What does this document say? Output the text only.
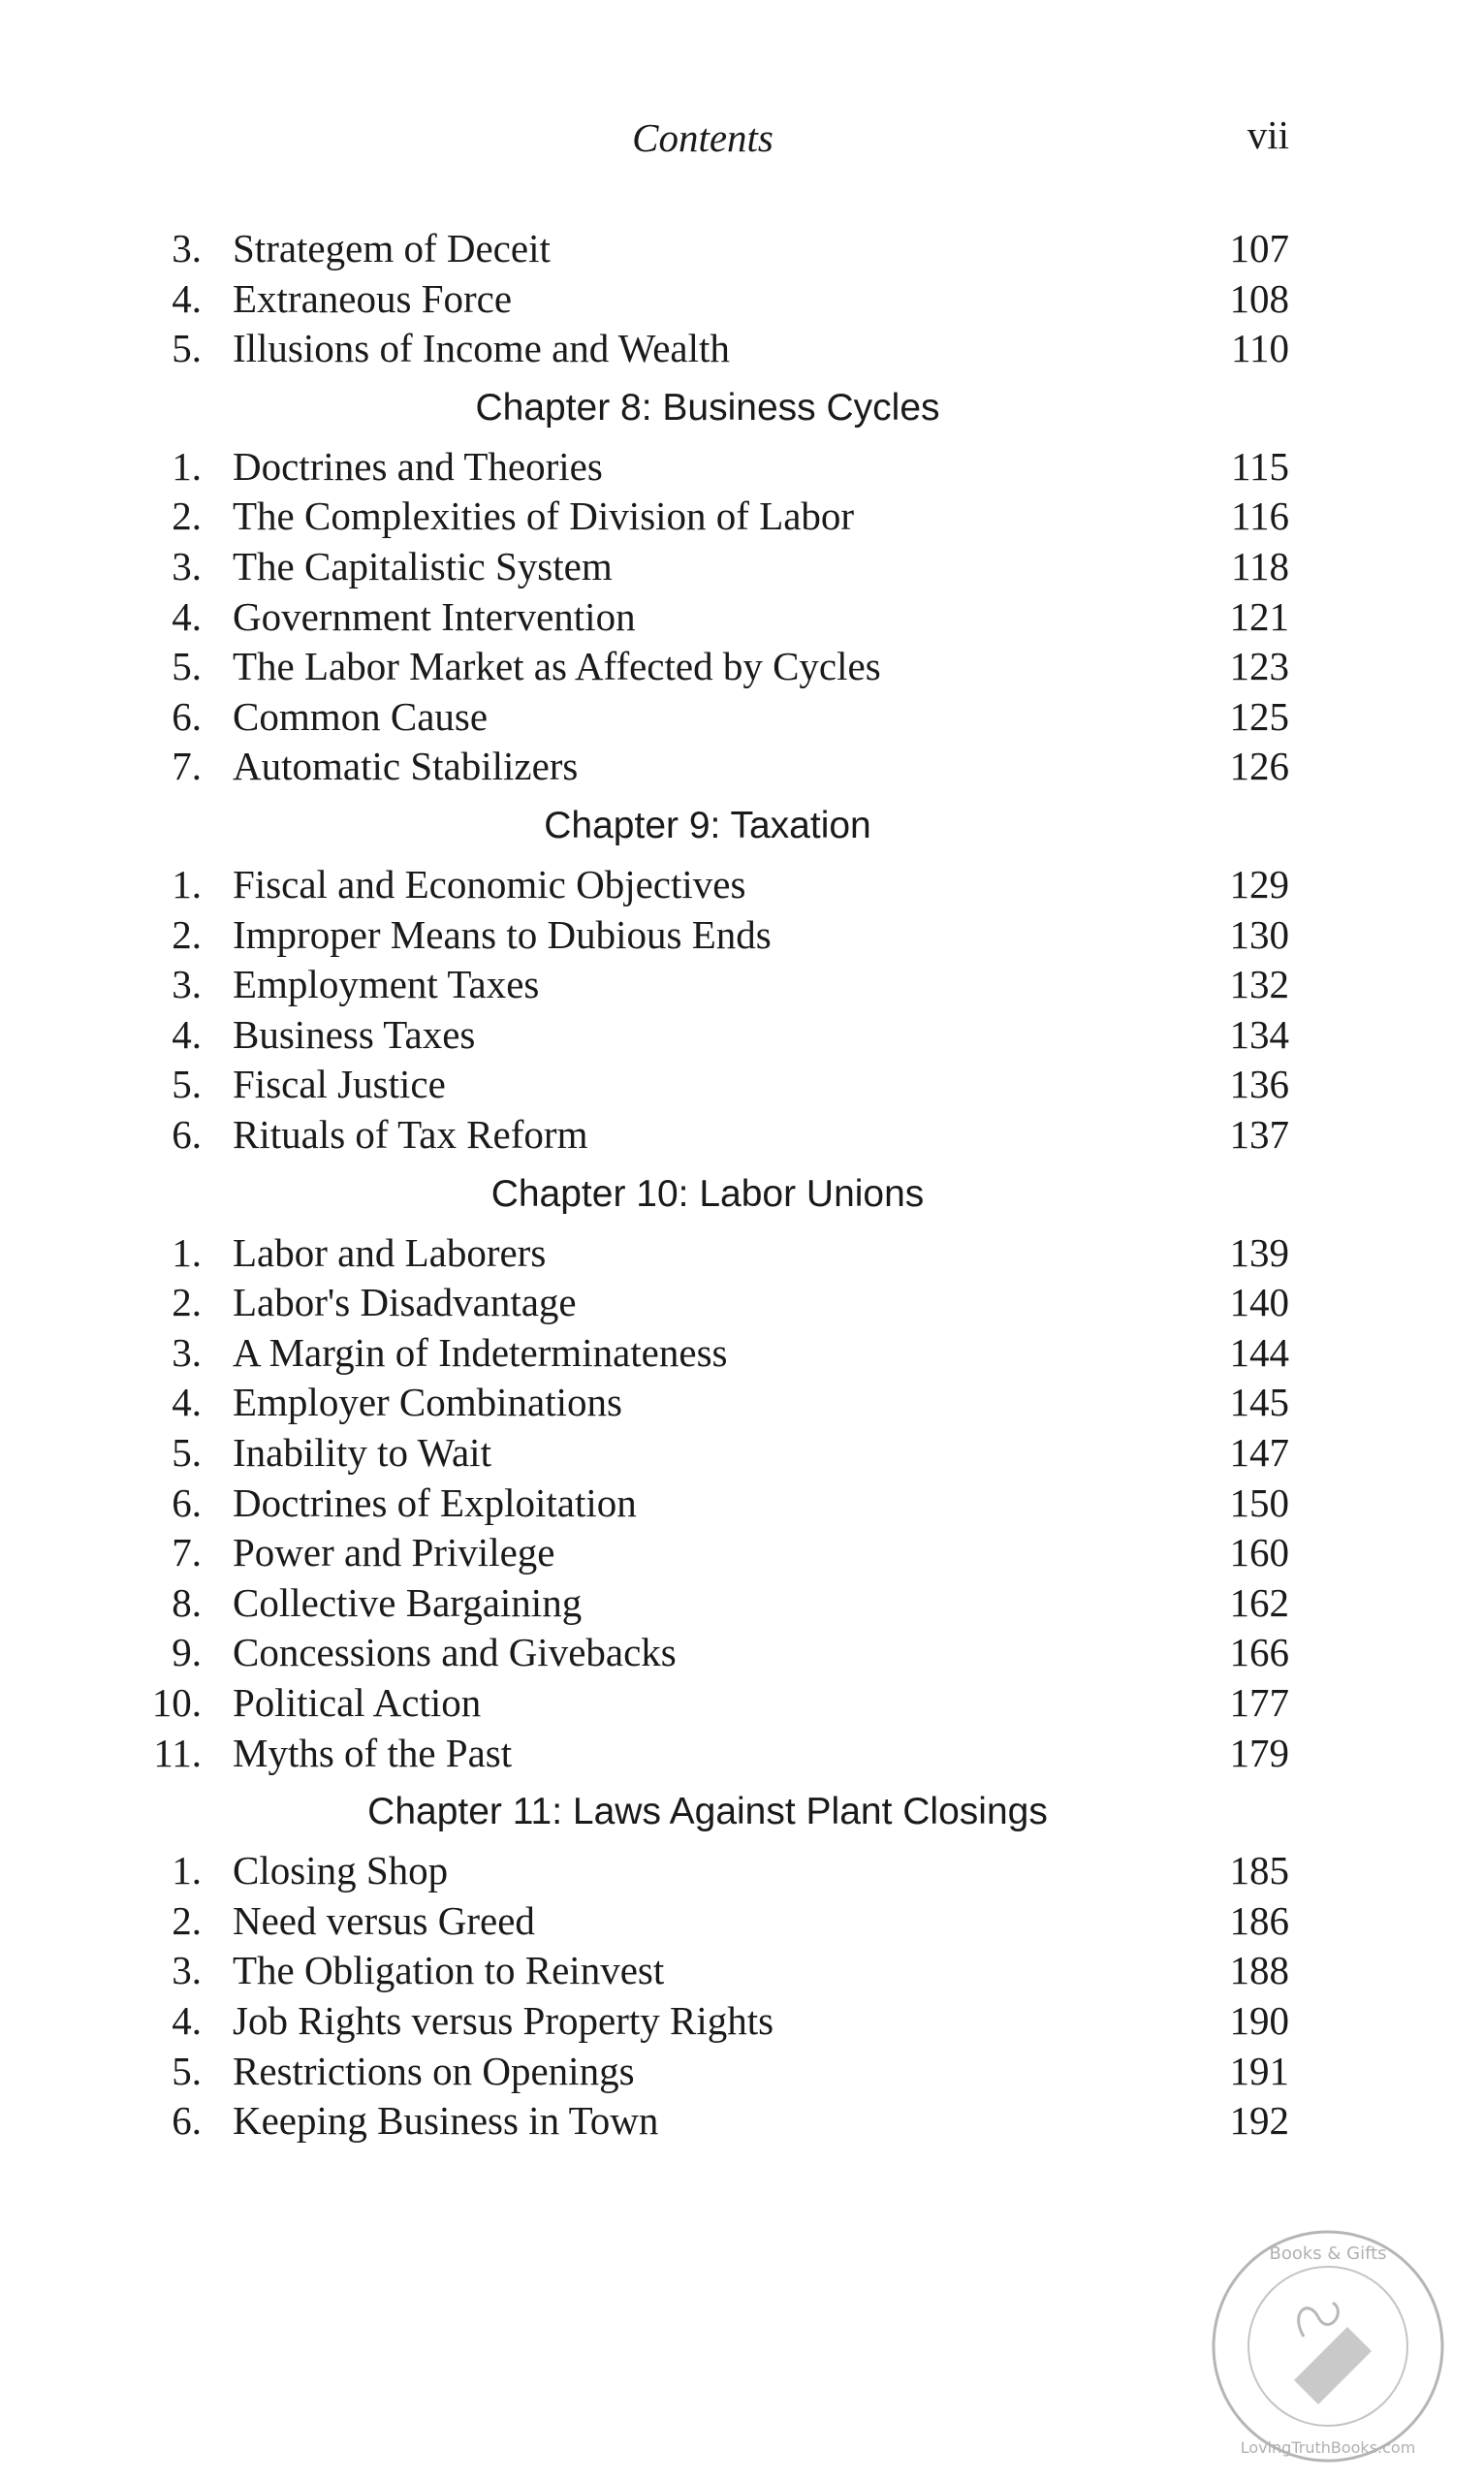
Contents	vii
3. Strategem of Deceit	107
4. Extraneous Force	108
5. Illusions of Income and Wealth	110
Chapter 8: Business Cycles
1. Doctrines and Theories	115
2. The Complexities of Division of Labor	116
3. The Capitalistic System	118
4. Government Intervention	121
5. The Labor Market as Affected by Cycles	123
6. Common Cause	125
7. Automatic Stabilizers	126
Chapter 9: Taxation
1. Fiscal and Economic Objectives	129
2. Improper Means to Dubious Ends	130
3. Employment Taxes	132
4. Business Taxes	134
5. Fiscal Justice	136
6. Rituals of Tax Reform	137
Chapter 10: Labor Unions
1. Labor and Laborers	139
2. Labor's Disadvantage	140
3. A Margin of Indeterminateness	144
4. Employer Combinations	145
5. Inability to Wait	147
6. Doctrines of Exploitation	150
7. Power and Privilege	160
8. Collective Bargaining	162
9. Concessions and Givebacks	166
10. Political Action	177
11. Myths of the Past	179
Chapter 11: Laws Against Plant Closings
1. Closing Shop	185
2. Need versus Greed	186
3. The Obligation to Reinvest	188
4. Job Rights versus Property Rights	190
5. Restrictions on Openings	191
6. Keeping Business in Town	192
Books & Gifts
LovingTruthBooks.com
